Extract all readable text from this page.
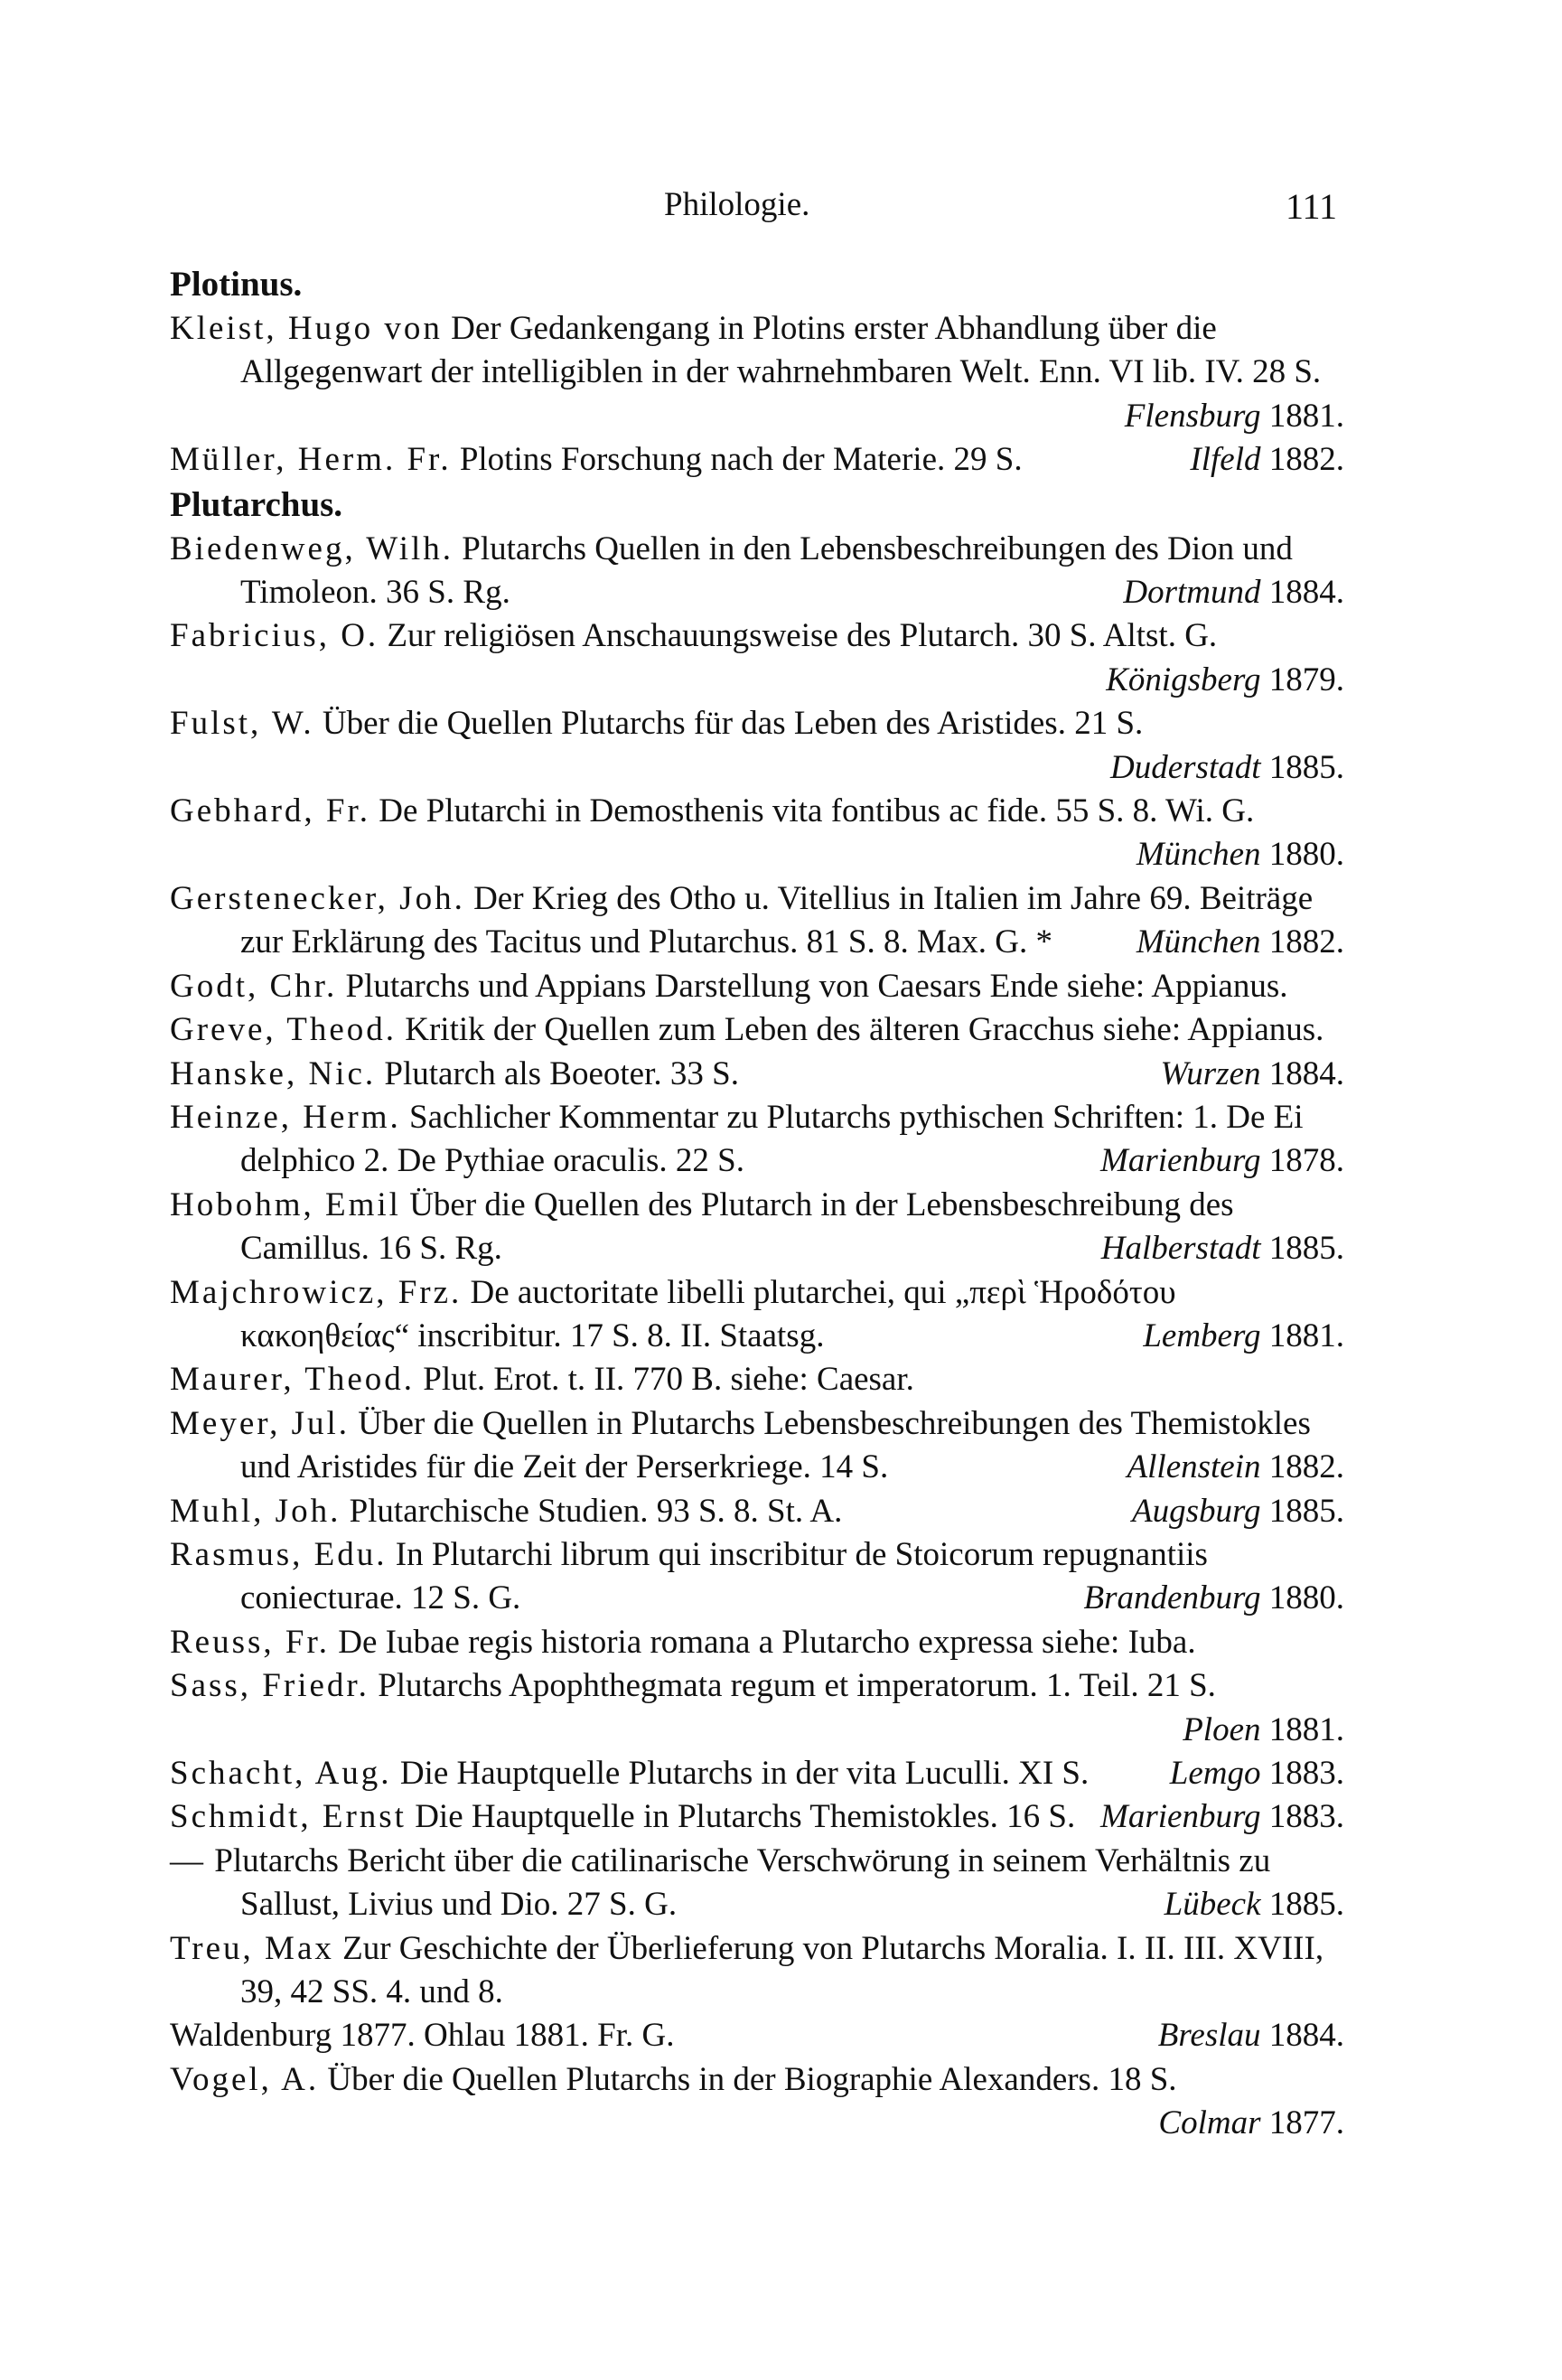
Philologie.	111
Plotinus.
Kleist, Hugo von Der Gedankengang in Plotins erster Abhandlung über die Allgegenwart der intelligiblen in der wahrnehmbaren Welt. Enn. VI lib. IV. 28 S.
Flensburg 1881.
Müller, Herm. Fr. Plotins Forschung nach der Materie. 29 S.	Ilfeld 1882.
Plutarchus.
Biedenweg, Wilh. Plutarchs Quellen in den Lebensbeschreibungen des Dion und Timoleon. 36 S. Rg.	Dortmund 1884.
Fabricius, O. Zur religiösen Anschauungsweise des Plutarch. 30 S. Altst. G.
Königsberg 1879.
Fulst, W. Über die Quellen Plutarchs für das Leben des Aristides. 21 S.
Duderstadt 1885.
Gebhard, Fr. De Plutarchi in Demosthenis vita fontibus ac fide. 55 S. 8. Wi. G.
München 1880.
Gerstenecker, Joh. Der Krieg des Otho u. Vitellius in Italien im Jahre 69. Beiträge zur Erklärung des Tacitus und Plutarchus. 81 S. 8. Max. G. *	München 1882.
Godt, Chr. Plutarchs und Appians Darstellung von Caesars Ende siehe: Appianus.
Greve, Theod. Kritik der Quellen zum Leben des älteren Gracchus siehe: Appianus.
Hanske, Nic. Plutarch als Boeoter. 33 S.	Wurzen 1884.
Heinze, Herm. Sachlicher Kommentar zu Plutarchs pythischen Schriften: 1. De Ei delphico 2. De Pythiae oraculis. 22 S.	Marienburg 1878.
Hobohm, Emil Über die Quellen des Plutarch in der Lebensbeschreibung des Camillus. 16 S. Rg.	Halberstadt 1885.
Majchrowicz, Frz. De auctoritate libelli plutarchei, qui „περὶ Ἡροδότου κακοηθείας“ inscribitur. 17 S. 8. II. Staatsg.	Lemberg 1881.
Maurer, Theod. Plut. Erot. t. II. 770 B. siehe: Caesar.
Meyer, Jul. Über die Quellen in Plutarchs Lebensbeschreibungen des Themistokles und Aristides für die Zeit der Perserkriege. 14 S.	Allenstein 1882.
Muhl, Joh. Plutarchische Studien. 93 S. 8. St. A.	Augsburg 1885.
Rasmus, Edu. In Plutarchi librum qui inscribitur de Stoicorum repugnantiis coniecturae. 12 S. G.	Brandenburg 1880.
Reuss, Fr. De Iubae regis historia romana a Plutarcho expressa siehe: Iuba.
Sass, Friedr. Plutarchs Apophthegmata regum et imperatorum. 1. Teil. 21 S.
Ploen 1881.
Schacht, Aug. Die Hauptquelle Plutarchs in der vita Luculli. XI S. Lemgo 1883.
Schmidt, Ernst Die Hauptquelle in Plutarchs Themistokles. 16 S. Marienburg 1883.
— Plutarchs Bericht über die catilinarische Verschwörung in seinem Verhältnis zu Sallust, Livius und Dio. 27 S. G.	Lübeck 1885.
Treu, Max Zur Geschichte der Überlieferung von Plutarchs Moralia. I. II. III. XVIII, 39, 42 SS. 4. und 8.
Waldenburg 1877. Ohlau 1881. Fr. G.	Breslau 1884.
Vogel, A. Über die Quellen Plutarchs in der Biographie Alexanders. 18 S.
Colmar 1877.
